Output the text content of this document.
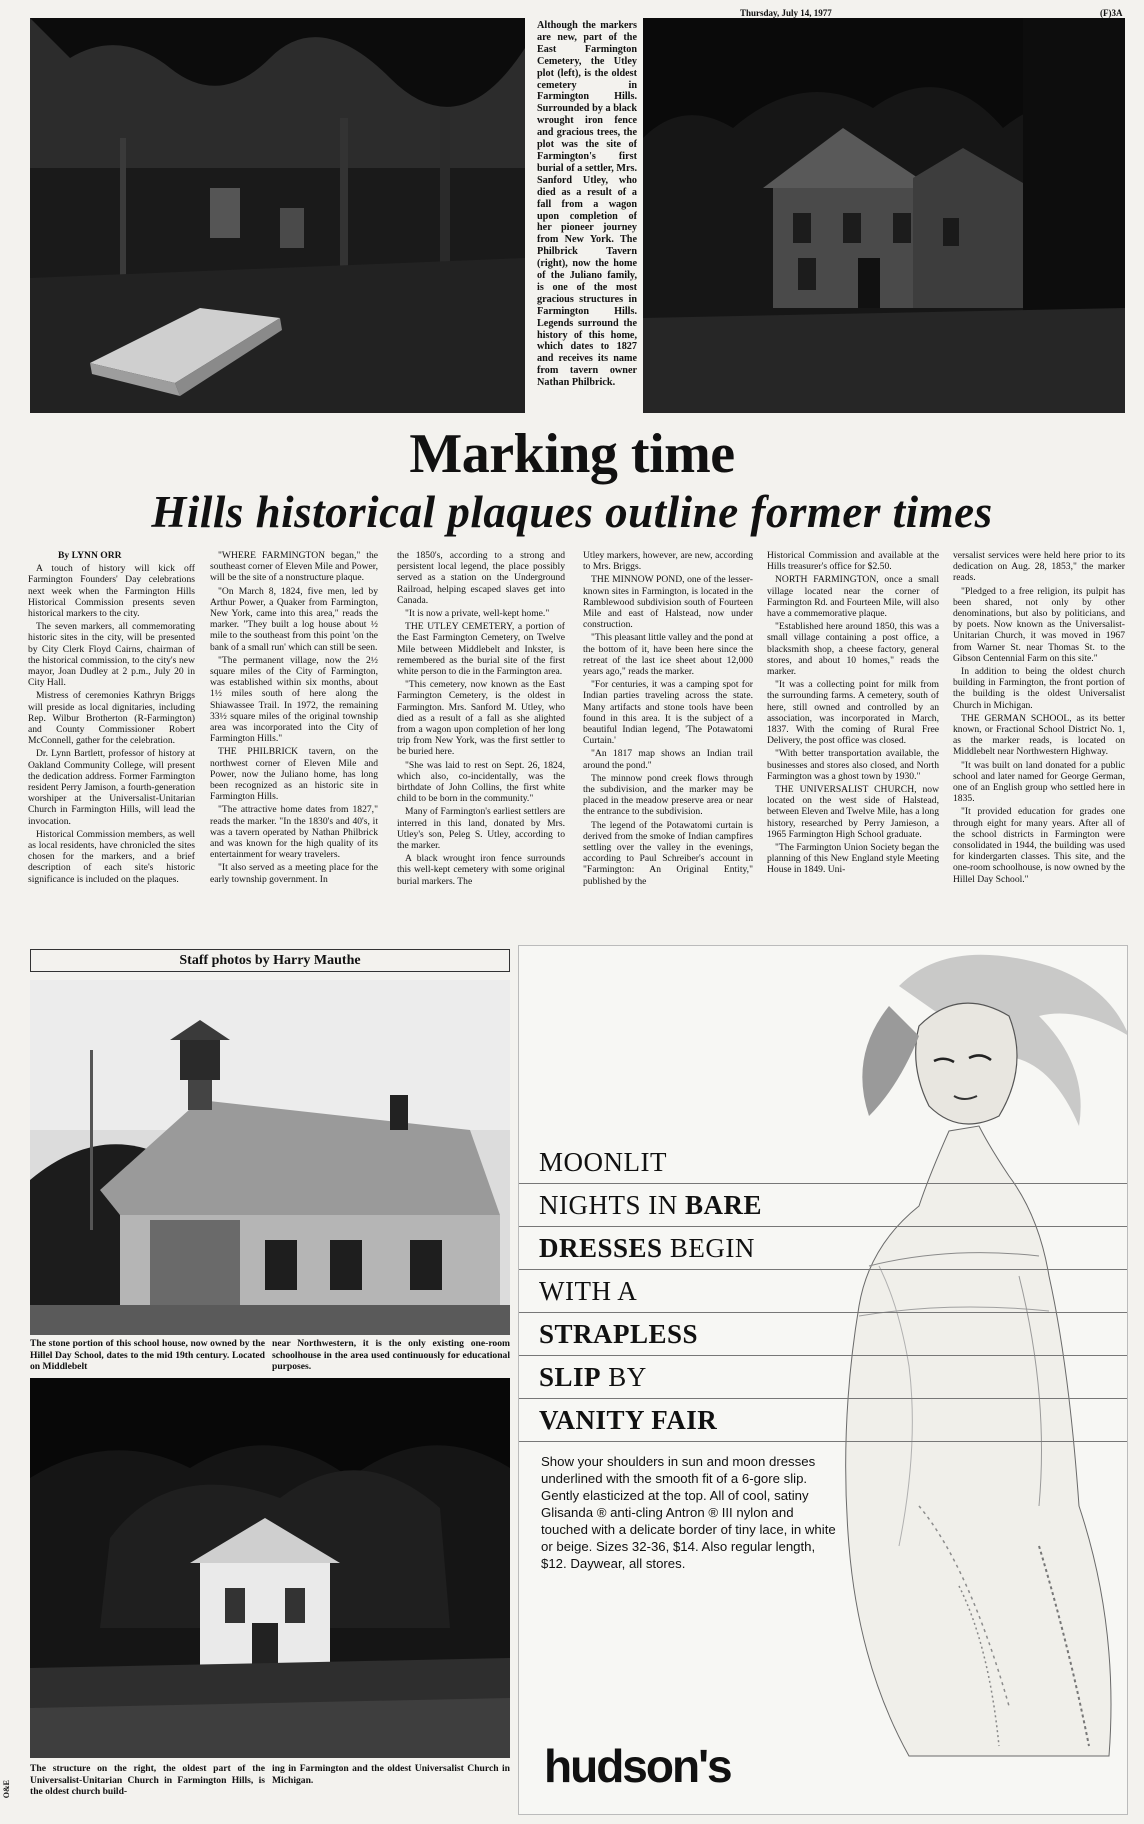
Although the markers are new, part of the East Farmington Cemetery, the Utley plot (left), is the oldest cemetery in Farmington Hills. Surrounded by a black wrought iron fence and gracious trees, the plot was the site of Farmington's first burial of a settler, Mrs. Sanford Utley, who died as a result of a fall from a wagon upon completion of her pioneer journey from New York. The Philbrick Tavern (right), now the home of the Juliano family, is one of the most gracious structures in Farmington Hills. Legends surround the history of this home, which dates to 1827 and receives its name from tavern owner Nathan Philbrick.
Thursday, July 14, 1977	(F)3A
Marking time
Hills historical plaques outline former times

By LYNN ORR

A touch of history will kick off Farmington Founders' Day celebrations next week when the Farmington Hills Historical Commission presents seven historical markers to the city.

The seven markers, all commemorating historic sites in the city, will be presented by City Clerk Floyd Cairns, chairman of the historical commission, to the city's new mayor, Joan Dudley at 2 p.m., July 20 in City Hall.

Mistress of ceremonies Kathryn Briggs will preside as local dignitaries, including Rep. Wilbur Brotherton (R-Farmington) and County Commissioner Robert McConnell, gather for the celebration.

Dr. Lynn Bartlett, professor of history at Oakland Community College, will present the dedication address. Former Farmington resident Perry Jamison, a fourth-generation worshiper at the Universalist-Unitarian Church in Farmington Hills, will lead the invocation.

Historical Commission members, as well as local residents, have chronicled the sites chosen for the markers, and a brief description of each site's historic significance is included on the plaques.

"WHERE FARMINGTON began," the southeast corner of Eleven Mile and Power, will be the site of a nonstructure plaque.

"On March 8, 1824, five men, led by Arthur Power, a Quaker from Farmington, New York, came into this area," reads the marker. "They built a log house about ½ mile to the southeast from this point 'on the bank of a small run' which can still be seen.

"The permanent village, now the 2½ square miles of the City of Farmington, was established within six months, about 1½ miles south of here along the Shiawassee Trail. In 1972, the remaining 33½ square miles of the original township area was incorporated into the City of Farmington Hills."

THE PHILBRICK tavern, on the northwest corner of Eleven Mile and Power, now the Juliano home, has long been recognized as an historic site in Farmington Hills.

"The attractive home dates from 1827," reads the marker. "In the 1830's and 40's, it was a tavern operated by Nathan Philbrick and was known for the high quality of its entertainment for weary travelers.

"It also served as a meeting place for the early township government. In

the 1850's, according to a strong and persistent local legend, the place possibly served as a station on the Underground Railroad, helping escaped slaves get into Canada.

"It is now a private, well-kept home."

THE UTLEY CEMETERY, a portion of the East Farmington Cemetery, on Twelve Mile between Middlebelt and Inkster, is remembered as the burial site of the first white person to die in the Farmington area.

"This cemetery, now known as the East Farmington Cemetery, is the oldest in Farmington. Mrs. Sanford M. Utley, who died as a result of a fall as she alighted from a wagon upon completion of her long trip from New York, was the first settler to be buried here.

"She was laid to rest on Sept. 26, 1824, which also, co-incidentally, was the birthdate of John Collins, the first white child to be born in the community."

Many of Farmington's earliest settlers are interred in this land, donated by Mrs. Utley's son, Peleg S. Utley, according to the marker.

A black wrought iron fence surrounds this well-kept cemetery with some original burial markers. The

Utley markers, however, are new, according to Mrs. Briggs.

THE MINNOW POND, one of the lesser-known sites in Farmington, is located in the Ramblewood subdivision south of Fourteen Mile and east of Halstead, now under construction.

"This pleasant little valley and the pond at the bottom of it, have been here since the retreat of the last ice sheet about 12,000 years ago," reads the marker.

"For centuries, it was a camping spot for Indian parties traveling across the state. Many artifacts and stone tools have been found in this area. It is the subject of a beautiful Indian legend, 'The Potawatomi Curtain.'

"An 1817 map shows an Indian trail around the pond."

The minnow pond creek flows through the subdivision, and the marker may be placed in the meadow preserve area or near the entrance to the subdivision.

The legend of the Potawatomi curtain is derived from the smoke of Indian campfires settling over the valley in the evenings, according to Paul Schreiber's account in "Farmington: An Original Entity," published by the

Historical Commission and available at the Hills treasurer's office for $2.50.

NORTH FARMINGTON, once a small village located near the corner of Farmington Rd. and Fourteen Mile, will also have a commemorative plaque.

"Established here around 1850, this was a small village containing a post office, a blacksmith shop, a cheese factory, general stores, and about 10 homes," reads the marker.

"It was a collecting point for milk from the surrounding farms. A cemetery, south of here, still owned and controlled by an association, was incorporated in March, 1837. With the coming of Rural Free Delivery, the post office was closed.

"With better transportation available, the businesses and stores also closed, and North Farmington was a ghost town by 1930."

THE UNIVERSALIST CHURCH, now located on the west side of Halstead, between Eleven and Twelve Mile, has a long history, researched by Perry Jamieson, a 1965 Farmington High School graduate.

"The Farmington Union Society began the planning of this New England style Meeting House in 1849. Uni-

versalist services were held here prior to its dedication on Aug. 28, 1853," the marker reads.

"Pledged to a free religion, its pulpit has been shared, not only by other denominations, but also by politicians, and by poets. Now known as the Universalist-Unitarian Church, it was moved in 1967 from Warner St. near Thomas St. to the Gibson Centennial Farm on this site."

In addition to being the oldest church building in Farmington, the front portion of the building is the oldest Universalist Church in Michigan.

THE GERMAN SCHOOL, as its better known, or Fractional School District No. 1, as the marker reads, is located on Middlebelt near Northwestern Highway.

"It was built on land donated for a public school and later named for George German, one of an English group who settled here in 1835.

"It provided education for grades one through eight for many years. After all of the school districts in Farmington were consolidated in 1944, the building was used for kindergarten classes. This site, and the one-room schoolhouse, is now owned by the Hillel Day School."

Staff photos by Harry Mauthe
The stone portion of this school house, now owned by the Hillel Day School, dates to the mid 19th century. Located on Middlebelt
near Northwestern, it is the only existing one-room schoolhouse in the area used continuously for educational purposes.
The structure on the right, the oldest part of the Universalist-Unitarian Church in Farmington Hills, is the oldest church build-
ing in Farmington and the oldest Universalist Church in Michigan.
O&E
MOONLIT
NIGHTS IN BARE
DRESSES BEGIN
WITH A
STRAPLESS
SLIP BY
VANITY FAIR
Show your shoulders in sun and moon dresses underlined with the smooth fit of a 6-gore slip. Gently elasticized at the top. All of cool, satiny Glisanda ® anti-cling Antron ® III nylon and touched with a delicate border of tiny lace, in white or beige. Sizes 32-36, $14. Also regular length, $12. Daywear, all stores.
hudson's
